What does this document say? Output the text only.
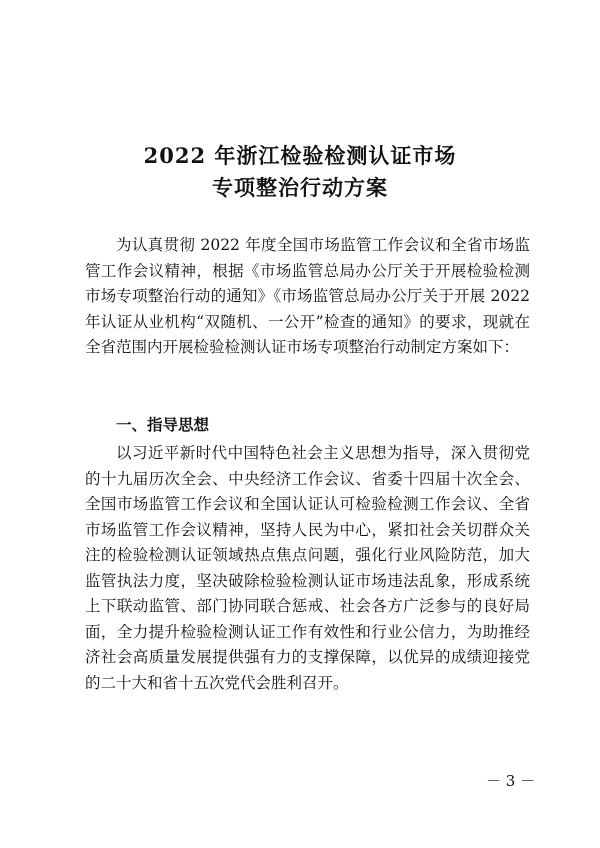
2022 年浙江检验检测认证市场
专项整治行动方案

为认真贯彻 2022 年度全国市场监管工作会议和全省市场监管工作会议精神，根据《市场监管总局办公厅关于开展检验检测市场专项整治行动的通知》《市场监管总局办公厅关于开展 2022 年认证从业机构“双随机、一公开”检查的通知》的要求，现就在全省范围内开展检验检测认证市场专项整治行动制定方案如下：

一、指导思想

以习近平新时代中国特色社会主义思想为指导，深入贯彻党的十九届历次全会、中央经济工作会议、省委十四届十次全会、全国市场监管工作会议和全国认证认可检验检测工作会议、全省市场监管工作会议精神，坚持人民为中心，紧扣社会关切群众关注的检验检测认证领域热点焦点问题，强化行业风险防范，加大监管执法力度，坚决破除检验检测认证市场违法乱象，形成系统上下联动监管、部门协同联合惩戒、社会各方广泛参与的良好局面，全力提升检验检测认证工作有效性和行业公信力，为助推经济社会高质量发展提供强有力的支撑保障，以优异的成绩迎接党的二十大和省十五次党代会胜利召开。

－ 3 －
